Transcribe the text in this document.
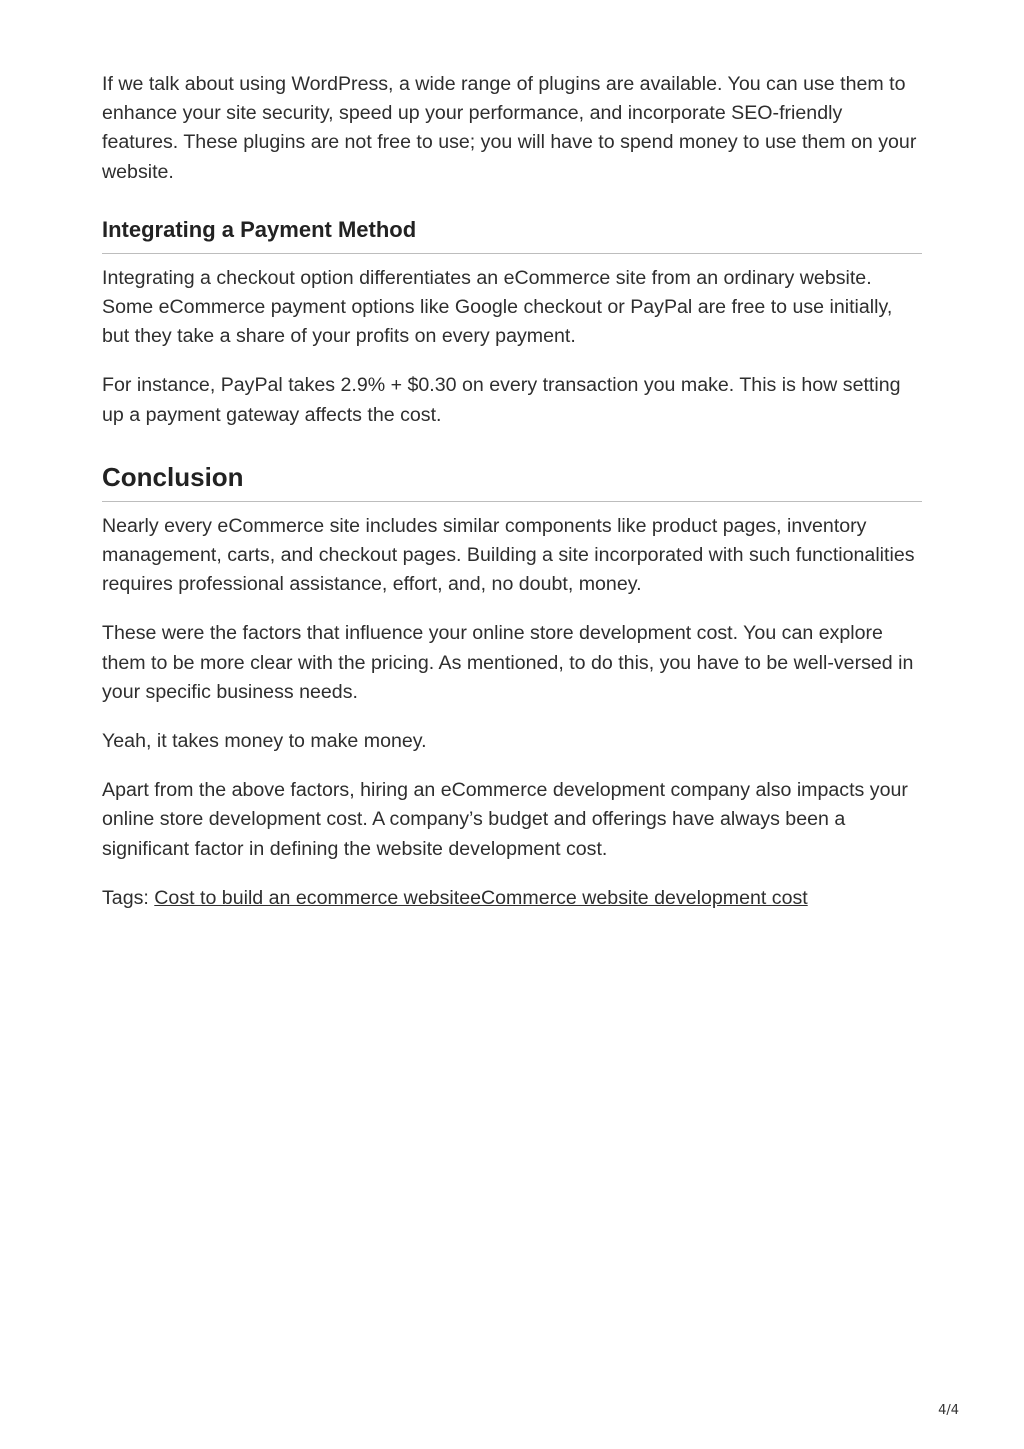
If we talk about using WordPress, a wide range of plugins are available. You can use them to enhance your site security, speed up your performance, and incorporate SEO-friendly features. These plugins are not free to use; you will have to spend money to use them on your website.

Integrating a Payment Method

Integrating a checkout option differentiates an eCommerce site from an ordinary website. Some eCommerce payment options like Google checkout or PayPal are free to use initially, but they take a share of your profits on every payment.

For instance, PayPal takes 2.9% + $0.30 on every transaction you make. This is how setting up a payment gateway affects the cost.

Conclusion

Nearly every eCommerce site includes similar components like product pages, inventory management, carts, and checkout pages. Building a site incorporated with such functionalities requires professional assistance, effort, and, no doubt, money.

These were the factors that influence your online store development cost. You can explore them to be more clear with the pricing. As mentioned, to do this, you have to be well-versed in your specific business needs.

Yeah, it takes money to make money.

Apart from the above factors, hiring an eCommerce development company also impacts your online store development cost. A company’s budget and offerings have always been a significant factor in defining the website development cost.

Tags: Cost to build an ecommerce websiteeCommerce website development cost

4/4
